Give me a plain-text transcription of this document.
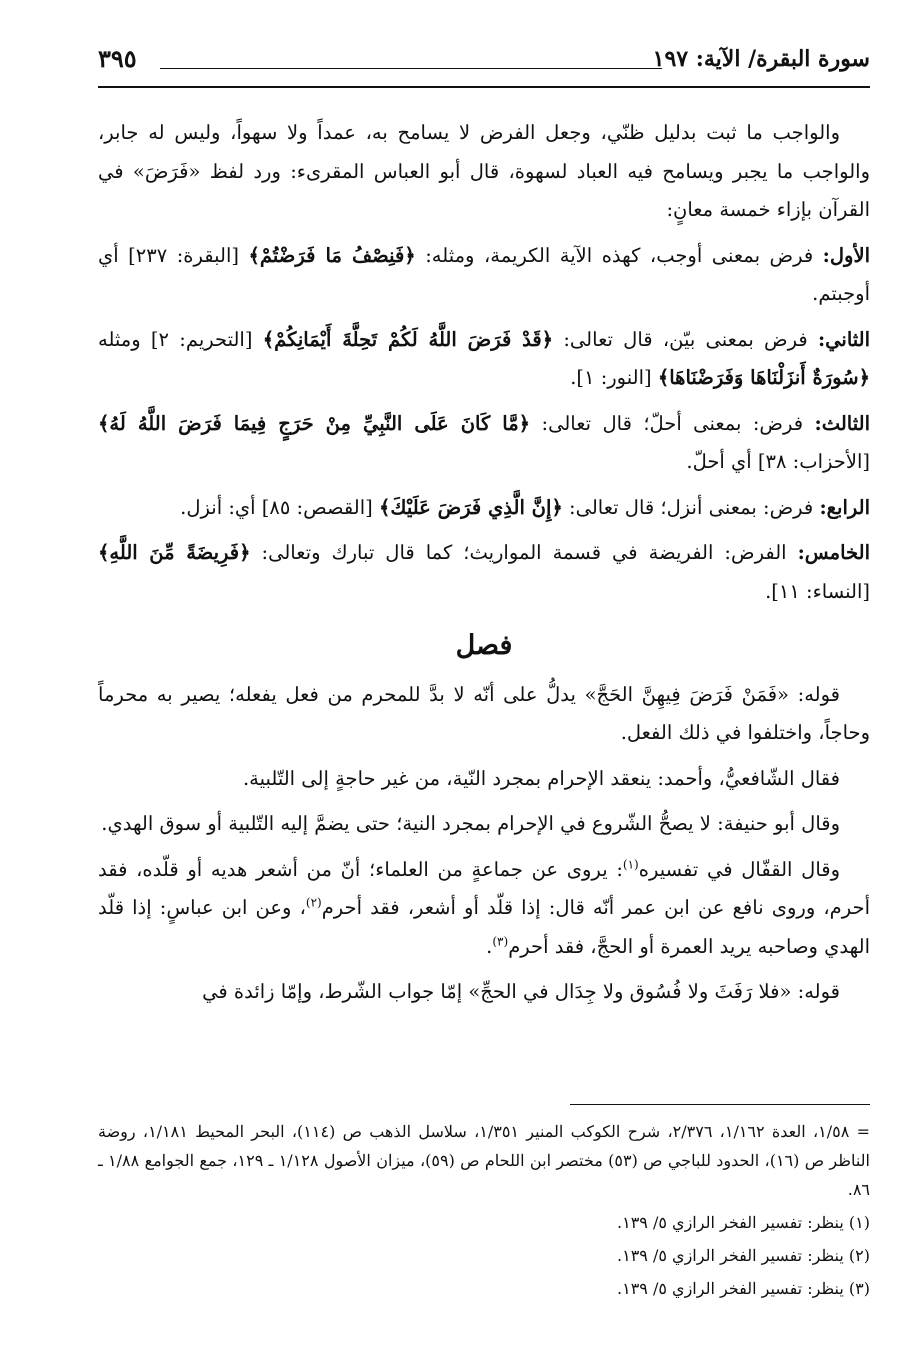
سورة البقرة/ الآية: ١٩٧
٣٩٥

والواجب ما ثبت بدليل ظنّي، وجعل الفرض لا يسامح به، عمداً ولا سهواً، وليس له جابر، والواجب ما يجبر ويسامح فيه العباد لسهوة، قال أبو العباس المقرىء: ورد لفظ «فَرَضَ» في القرآن بإزاء خمسة معانٍ:

الأول: فرض بمعنى أوجب، كهذه الآية الكريمة، ومثله: ﴿فَنِصْفُ مَا فَرَضْتُمْ﴾ [البقرة: ٢٣٧] أي أوجبتم.

الثاني: فرض بمعنى بيّن، قال تعالى: ﴿قَدْ فَرَضَ اللَّهُ لَكُمْ تَحِلَّةَ أَيْمَانِكُمْ﴾ [التحريم: ٢] ومثله ﴿سُورَةٌ أَنزَلْنَاهَا وَفَرَضْنَاهَا﴾ [النور: ١].

الثالث: فرض: بمعنى أحلّ؛ قال تعالى: ﴿مَّا كَانَ عَلَى النَّبِيِّ مِنْ حَرَجٍ فِيمَا فَرَضَ اللَّهُ لَهُ﴾ [الأحزاب: ٣٨] أي أحلّ.

الرابع: فرض: بمعنى أنزل؛ قال تعالى: ﴿إِنَّ الَّذِي فَرَضَ عَلَيْكَ﴾ [القصص: ٨٥] أي: أنزل.

الخامس: الفرض: الفريضة في قسمة المواريث؛ كما قال تبارك وتعالى: ﴿فَرِيضَةً مِّنَ اللَّهِ﴾ [النساء: ١١].

فصل

قوله: «فَمَنْ فَرَضَ فِيهِنَّ الحَجَّ» يدلُّ على أنّه لا بدَّ للمحرم من فعل يفعله؛ يصير به محرماً وحاجاً، واختلفوا في ذلك الفعل.

فقال الشّافعيُّ، وأحمد: ينعقد الإحرام بمجرد النّية، من غير حاجةٍ إلى التّلبية.

وقال أبو حنيفة: لا يصحُّ الشّروع في الإحرام بمجرد النية؛ حتى يضمَّ إليه التّلبية أو سوق الهدي.

وقال القفّال في تفسيره$^{(١)}$: يروى عن جماعةٍ من العلماء؛ أنّ من أشعر هديه أو قلّده، فقد أحرم، وروى نافع عن ابن عمر أنّه قال: إذا قلّد أو أشعر، فقد أحرم$^{(٢)}$، وعن ابن عباسٍ: إذا قلّد الهدي وصاحبه يريد العمرة أو الحجَّ، فقد أحرم$^{(٣)}$.

قوله: «فلا رَفَثَ ولا فُسُوق ولا جِدَال في الحجِّ» إمّا جواب الشّرط، وإمّا زائدة في

= ١/٥٨، العدة ١/١٦٢، ٢/٣٧٦، شرح الكوكب المنير ١/٣٥١، سلاسل الذهب ص (١١٤)، البحر المحيط ١/١٨١، روضة الناظر ص (١٦)، الحدود للباجي ص (٥٣) مختصر ابن اللحام ص (٥٩)، ميزان الأصول ١/١٢٨ ـ ١٢٩، جمع الجوامع ١/٨٨ ـ ٨٦.

(١) ينظر: تفسير الفخر الرازي ٥/ ١٣٩.

(٢) ينظر: تفسير الفخر الرازي ٥/ ١٣٩.

(٣) ينظر: تفسير الفخر الرازي ٥/ ١٣٩.
